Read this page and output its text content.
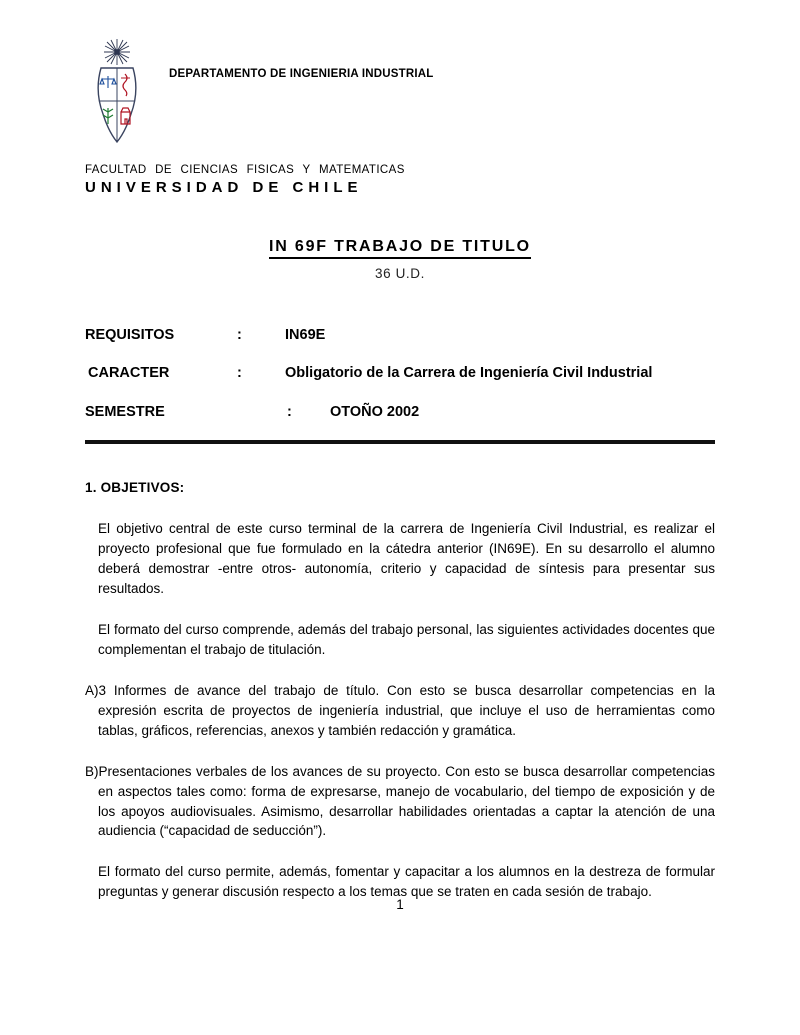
DEPARTAMENTO DE INGENIERIA INDUSTRIAL
FACULTAD DE CIENCIAS FISICAS Y MATEMATICAS
UNIVERSIDAD DE CHILE
IN 69F TRABAJO DE TITULO
36 U.D.
REQUISITOS	:	IN69E
CARACTER	:	Obligatorio de la Carrera de Ingeniería Civil Industrial
SEMESTRE	:	OTOÑO 2002
1. OBJETIVOS:

El objetivo central de este curso terminal de la carrera de Ingeniería Civil Industrial, es realizar el proyecto profesional que fue formulado en la cátedra anterior (IN69E). En su desarrollo el alumno deberá demostrar -entre otros- autonomía, criterio y capacidad de síntesis para presentar sus resultados.

El formato del curso comprende, además del trabajo personal, las siguientes actividades docentes que complementan el trabajo de titulación.

A)3 Informes de avance del trabajo de título. Con esto se busca desarrollar competencias en la expresión escrita de proyectos de ingeniería industrial, que incluye el uso de herramientas como tablas, gráficos, referencias, anexos y también redacción y gramática.

B)Presentaciones verbales de los avances de su proyecto. Con esto se busca desarrollar competencias en aspectos tales como: forma de expresarse, manejo de vocabulario, del tiempo de exposición y de los apoyos audiovisuales. Asimismo, desarrollar habilidades orientadas a captar la atención de una audiencia (“capacidad de seducción”).

El formato del curso permite, además, fomentar y capacitar a los alumnos en la destreza de formular preguntas y generar discusión respecto a los temas que se traten en cada sesión de trabajo.

1
